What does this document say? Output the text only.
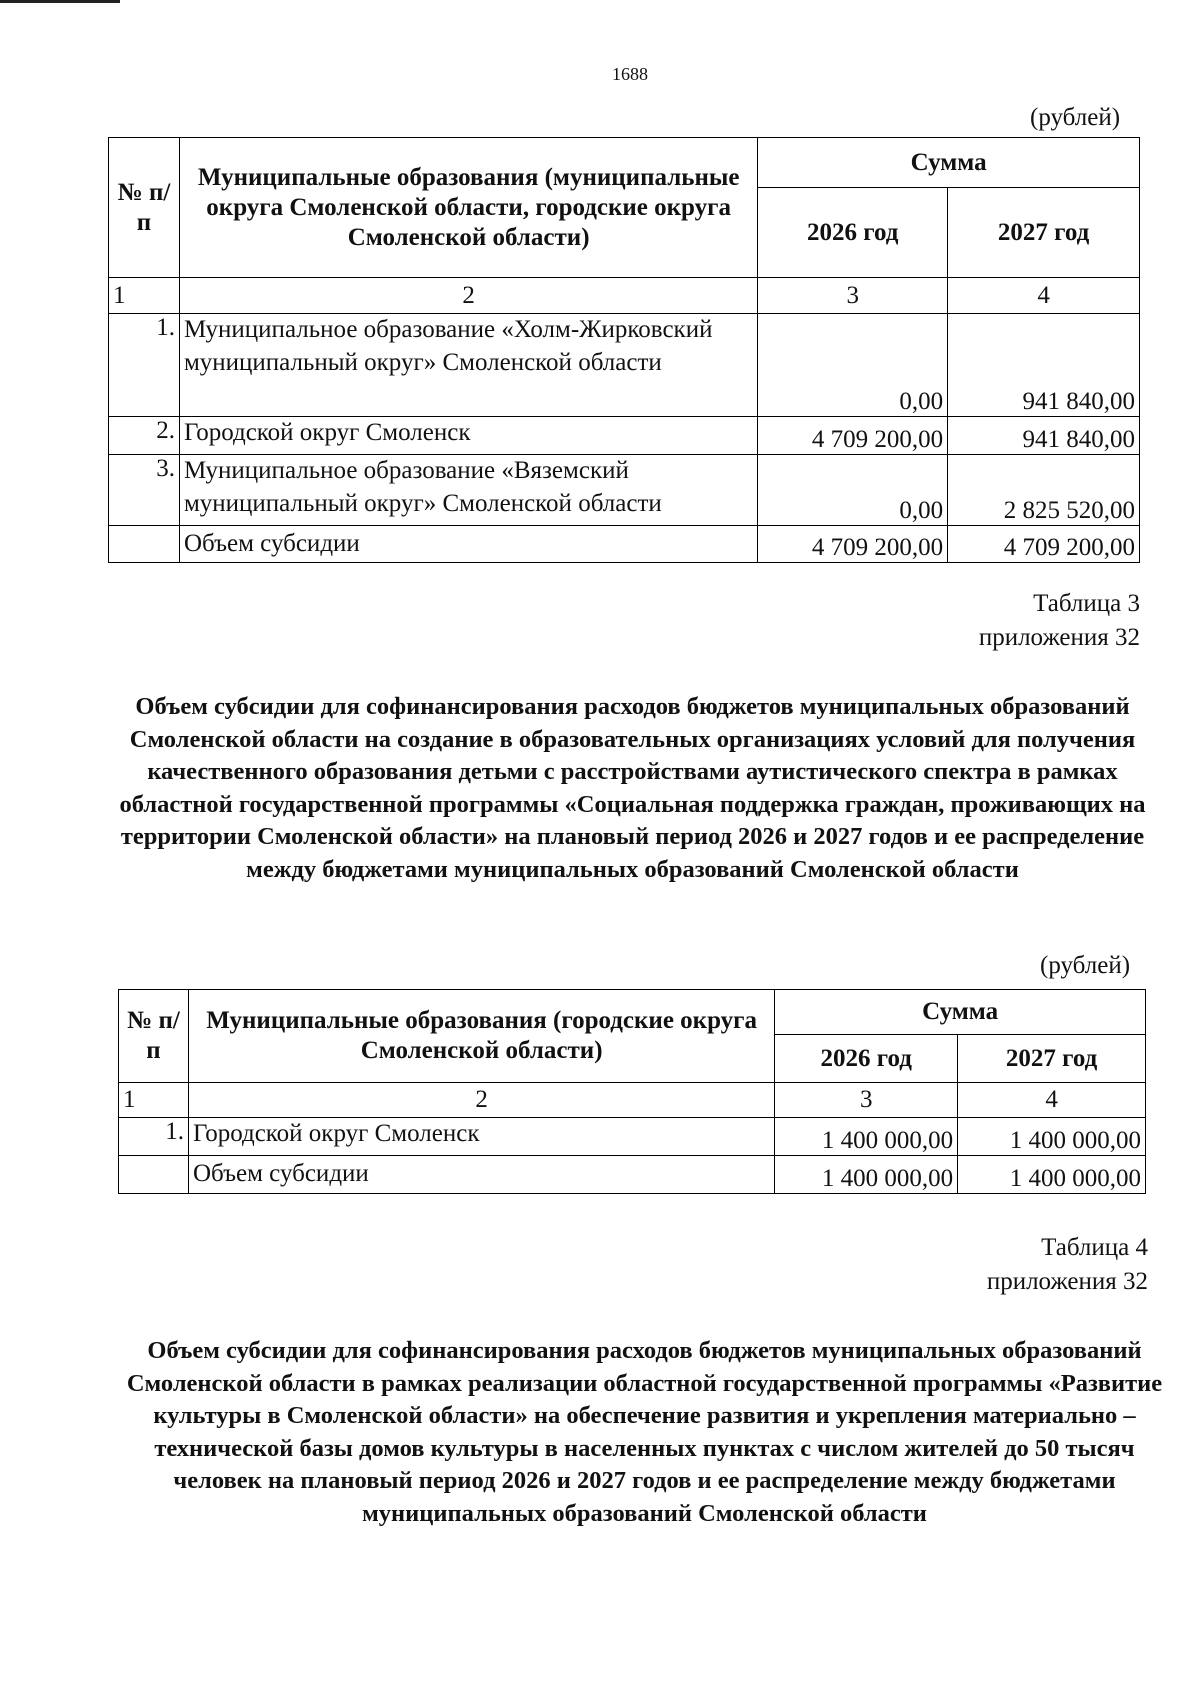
1688
(рублей)
№ п/п	Муниципальные образования (муниципальные округа Смоленской области, городские округа Смоленской области)	Сумма	
		2026 год	2027 год
1	2	3	4
1.	Муниципальное образование «Холм-Жирковский муниципальный округ» Смоленской области	0,00	941 840,00
2.	Городской округ Смоленск	4 709 200,00	941 840,00
3.	Муниципальное образование «Вяземский муниципальный округ» Смоленской области	0,00	2 825 520,00
	Объем субсидии	4 709 200,00	4 709 200,00
Таблица 3
приложения 32
Объем субсидии для софинансирования расходов бюджетов муниципальных образований Смоленской области на создание в образовательных организациях условий для получения качественного образования детьми с расстройствами аутистического спектра в рамках областной государственной программы «Социальная поддержка граждан, проживающих на территории Смоленской области» на плановый период 2026 и 2027 годов и ее распределение между бюджетами муниципальных образований Смоленской области
(рублей)
№ п/п	Муниципальные образования (городские округа Смоленской области)	Сумма	
		2026 год	2027 год
1	2	3	4
1.	Городской округ Смоленск	1 400 000,00	1 400 000,00
	Объем субсидии	1 400 000,00	1 400 000,00
Таблица 4
приложения 32
Объем субсидии для софинансирования расходов бюджетов муниципальных образований Смоленской области в рамках реализации областной государственной программы «Развитие культуры в Смоленской области» на обеспечение развития и укрепления материально – технической базы домов культуры в населенных пунктах с числом жителей до 50 тысяч человек на плановый период 2026 и 2027 годов и ее распределение между бюджетами муниципальных образований Смоленской области
